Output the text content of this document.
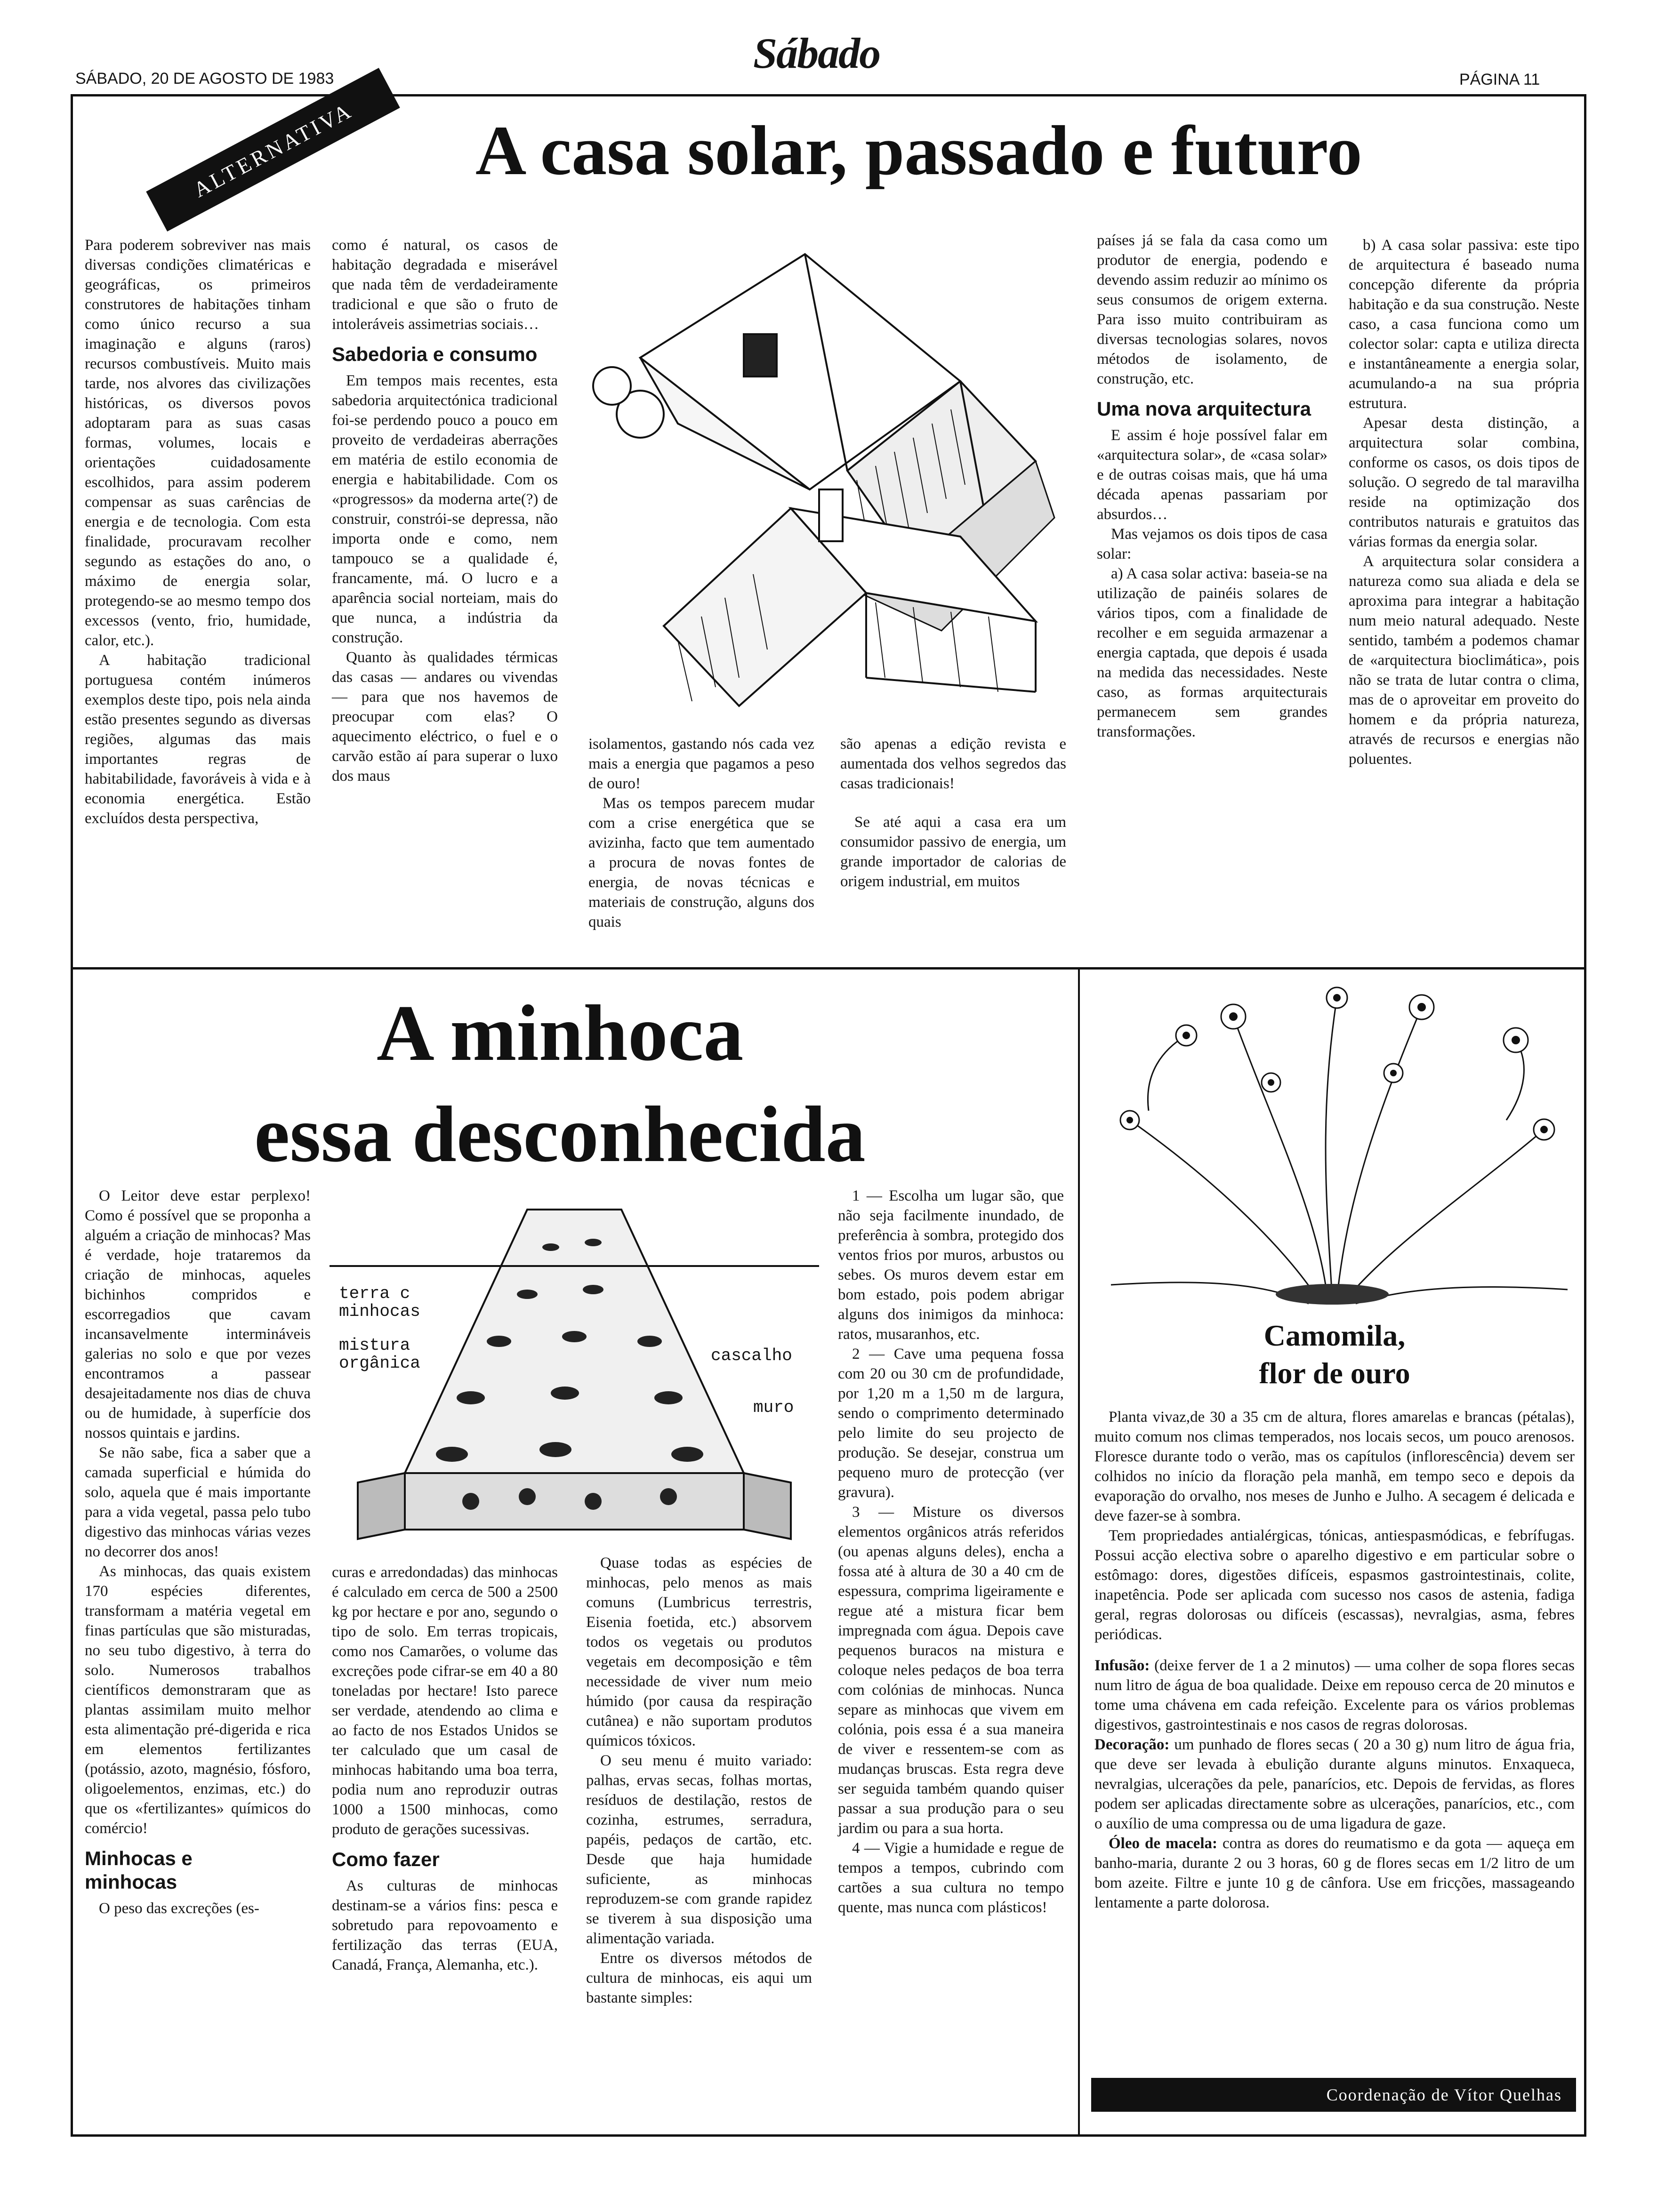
SÁBADO, 20 DE AGOSTO DE 1983
Sábado
PÁGINA 11
ALTERNATIVA A casa solar, passado e futuro

Para poderem sobreviver nas mais diversas condições climatéricas e geográficas, os primeiros construtores de habitações tinham como único recurso a sua imaginação e alguns (raros) recursos combustíveis. Muito mais tarde, nos alvores das civilizações históricas, os diversos povos adoptaram para as suas casas formas, volumes, locais e orientações cuidadosamente escolhidos, para assim poderem compensar as suas carências de energia e de tecnologia. Com esta finalidade, procuravam recolher segundo as estações do ano, o máximo de energia solar, protegendo-se ao mesmo tempo dos excessos (vento, frio, humidade, calor, etc.).

A habitação tradicional portuguesa contém inúmeros exemplos deste tipo, pois nela ainda estão presentes segundo as diversas regiões, algumas das mais importantes regras de habitabilidade, favoráveis à vida e à economia energética. Estão excluídos desta perspectiva,

como é natural, os casos de habitação degradada e miserável que nada têm de verdadeiramente tradicional e que são o fruto de intoleráveis assimetrias sociais…

Sabedoria e consumo

Em tempos mais recentes, esta sabedoria arquitectónica tradicional foi-se perdendo pouco a pouco em proveito de verdadeiras aberrações em matéria de estilo economia de energia e habitabilidade. Com os «progressos» da moderna arte(?) de construir, constrói-se depressa, não importa onde e como, nem tampouco se a qualidade é, francamente, má. O lucro e a aparência social norteiam, mais do que nunca, a indústria da construção.

Quanto às qualidades térmicas das casas — andares ou vivendas — para que nos havemos de preocupar com elas? O aquecimento eléctrico, o fuel e o carvão estão aí para superar o luxo dos maus

isolamentos, gastando nós cada vez mais a energia que pagamos a peso de ouro!

Mas os tempos parecem mudar com a crise energética que se avizinha, facto que tem aumentado a procura de novas fontes de energia, de novas técnicas e materiais de construção, alguns dos quais

são apenas a edição revista e aumentada dos velhos segredos das casas tradicionais!

Se até aqui a casa era um consumidor passivo de energia, um grande importador de calorias de origem industrial, em muitos

países já se fala da casa como um produtor de energia, podendo e devendo assim reduzir ao mínimo os seus consumos de origem externa. Para isso muito contribuiram as diversas tecnologias solares, novos métodos de isolamento, de construção, etc.

Uma nova arquitectura

E assim é hoje possível falar em «arquitectura solar», de «casa solar» e de outras coisas mais, que há uma década apenas passariam por absurdos…

Mas vejamos os dois tipos de casa solar:

a) A casa solar activa: baseia-se na utilização de painéis solares de vários tipos, com a finalidade de recolher e em seguida armazenar a energia captada, que depois é usada na medida das necessidades. Neste caso, as formas arquitecturais permanecem sem grandes transformações.

b) A casa solar passiva: este tipo de arquitectura é baseado numa concepção diferente da própria habitação e da sua construção. Neste caso, a casa funciona como um colector solar: capta e utiliza directa e instantâneamente a energia solar, acumulando-a na sua própria estrutura.

Apesar desta distinção, a arquitectura solar combina, conforme os casos, os dois tipos de solução. O segredo de tal maravilha reside na optimização dos contributos naturais e gratuitos das várias formas da energia solar.

A arquitectura solar considera a natureza como sua aliada e dela se aproxima para integrar a habitação num meio natural adequado. Neste sentido, também a podemos chamar de «arquitectura bioclimática», pois não se trata de lutar contra o clima, mas de o aproveitar em proveito do homem e da própria natureza, através de recursos e energias não poluentes.

A minhoca
essa desconhecida
terra c
minhocas
mistura
orgânica	cascalho
muro

O Leitor deve estar perplexo! Como é possível que se proponha a alguém a criação de minhocas? Mas é verdade, hoje trataremos da criação de minhocas, aqueles bichinhos compridos e escorregadios que cavam incansavelmente intermináveis galerias no solo e que por vezes encontramos a passear desajeitadamente nos dias de chuva ou de humidade, à superfície dos nossos quintais e jardins.

Se não sabe, fica a saber que a camada superficial e húmida do solo, aquela que é mais importante para a vida vegetal, passa pelo tubo digestivo das minhocas várias vezes no decorrer dos anos!

As minhocas, das quais existem 170 espécies diferentes, transformam a matéria vegetal em finas partículas que são misturadas, no seu tubo digestivo, à terra do solo. Numerosos trabalhos científicos demonstraram que as plantas assimilam muito melhor esta alimentação pré-digerida e rica em elementos fertilizantes (potássio, azoto, magnésio, fósforo, oligoelementos, enzimas, etc.) do que os «fertilizantes» químicos do comércio!

Minhocas e minhocas

O peso das excreções (es-

curas e arredondadas) das minhocas é calculado em cerca de 500 a 2500 kg por hectare e por ano, segundo o tipo de solo. Em terras tropicais, como nos Camarões, o volume das excreções pode cifrar-se em 40 a 80 toneladas por hectare! Isto parece ser verdade, atendendo ao clima e ao facto de nos Estados Unidos se ter calculado que um casal de minhocas habitando uma boa terra, podia num ano reproduzir outras 1000 a 1500 minhocas, como produto de gerações sucessivas.

Como fazer

As culturas de minhocas destinam-se a vários fins: pesca e sobretudo para repovoamento e fertilização das terras (EUA, Canadá, França, Alemanha, etc.).

Quase todas as espécies de minhocas, pelo menos as mais comuns (Lumbricus terrestris, Eisenia foetida, etc.) absorvem todos os vegetais ou produtos vegetais em decomposição e têm necessidade de viver num meio húmido (por causa da respiração cutânea) e não suportam produtos químicos tóxicos.

O seu menu é muito variado: palhas, ervas secas, folhas mortas, resíduos de destilação, restos de cozinha, estrumes, serradura, papéis, pedaços de cartão, etc. Desde que haja humidade suficiente, as minhocas reproduzem-se com grande rapidez se tiverem à sua disposição uma alimentação variada.

Entre os diversos métodos de cultura de minhocas, eis aqui um bastante simples:

1 — Escolha um lugar são, que não seja facilmente inundado, de preferência à sombra, protegido dos ventos frios por muros, arbustos ou sebes. Os muros devem estar em bom estado, pois podem abrigar alguns dos inimigos da minhoca: ratos, musaranhos, etc.

2 — Cave uma pequena fossa com 20 ou 30 cm de profundidade, por 1,20 m a 1,50 m de largura, sendo o comprimento determinado pelo limite do seu projecto de produção. Se desejar, construa um pequeno muro de protecção (ver gravura).

3 — Misture os diversos elementos orgânicos atrás referidos (ou apenas alguns deles), encha a fossa até à altura de 30 a 40 cm de espessura, comprima ligeiramente e regue até a mistura ficar bem impregnada com água. Depois cave pequenos buracos na mistura e coloque neles pedaços de boa terra com colónias de minhocas. Nunca separe as minhocas que vivem em colónia, pois essa é a sua maneira de viver e ressentem-se com as mudanças bruscas. Esta regra deve ser seguida também quando quiser passar a sua produção para o seu jardim ou para a sua horta.

4 — Vigie a humidade e regue de tempos a tempos, cubrindo com cartões a sua cultura no tempo quente, mas nunca com plásticos!

Camomila,
flor de ouro

Planta vivaz,de 30 a 35 cm de altura, flores amarelas e brancas (pétalas), muito comum nos climas temperados, nos locais secos, um pouco arenosos. Floresce durante todo o verão, mas os capítulos (inflorescência) devem ser colhidos no início da floração pela manhã, em tempo seco e depois da evaporação do orvalho, nos meses de Junho e Julho. A secagem é delicada e deve fazer-se à sombra.

Tem propriedades antialérgicas, tónicas, antiespasmódicas, e febrífugas. Possui acção electiva sobre o aparelho digestivo e em particular sobre o estômago: dores, digestões difíceis, espasmos gastrointestinais, colite, inapetência. Pode ser aplicada com sucesso nos casos de astenia, fadiga geral, regras dolorosas ou difíceis (escassas), nevralgias, asma, febres periódicas.

Infusão: (deixe ferver de 1 a 2 minutos) — uma colher de sopa flores secas num litro de água de boa qualidade. Deixe em repouso cerca de 20 minutos e tome uma chávena em cada refeição. Excelente para os vários problemas digestivos, gastrointestinais e nos casos de regras dolorosas.

Decoração: um punhado de flores secas ( 20 a 30 g) num litro de água fria, que deve ser levada à ebulição durante alguns minutos. Enxaqueca, nevralgias, ulcerações da pele, panarícios, etc. Depois de fervidas, as flores podem ser aplicadas directamente sobre as ulcerações, panarícios, etc., com o auxílio de uma compressa ou de uma ligadura de gaze.

Óleo de macela: contra as dores do reumatismo e da gota — aqueça em banho-maria, durante 2 ou 3 horas, 60 g de flores secas em 1/2 litro de um bom azeite. Filtre e junte 10 g de cânfora. Use em fricções, massageando lentamente a parte dolorosa.

Coordenação de Vítor Quelhas
